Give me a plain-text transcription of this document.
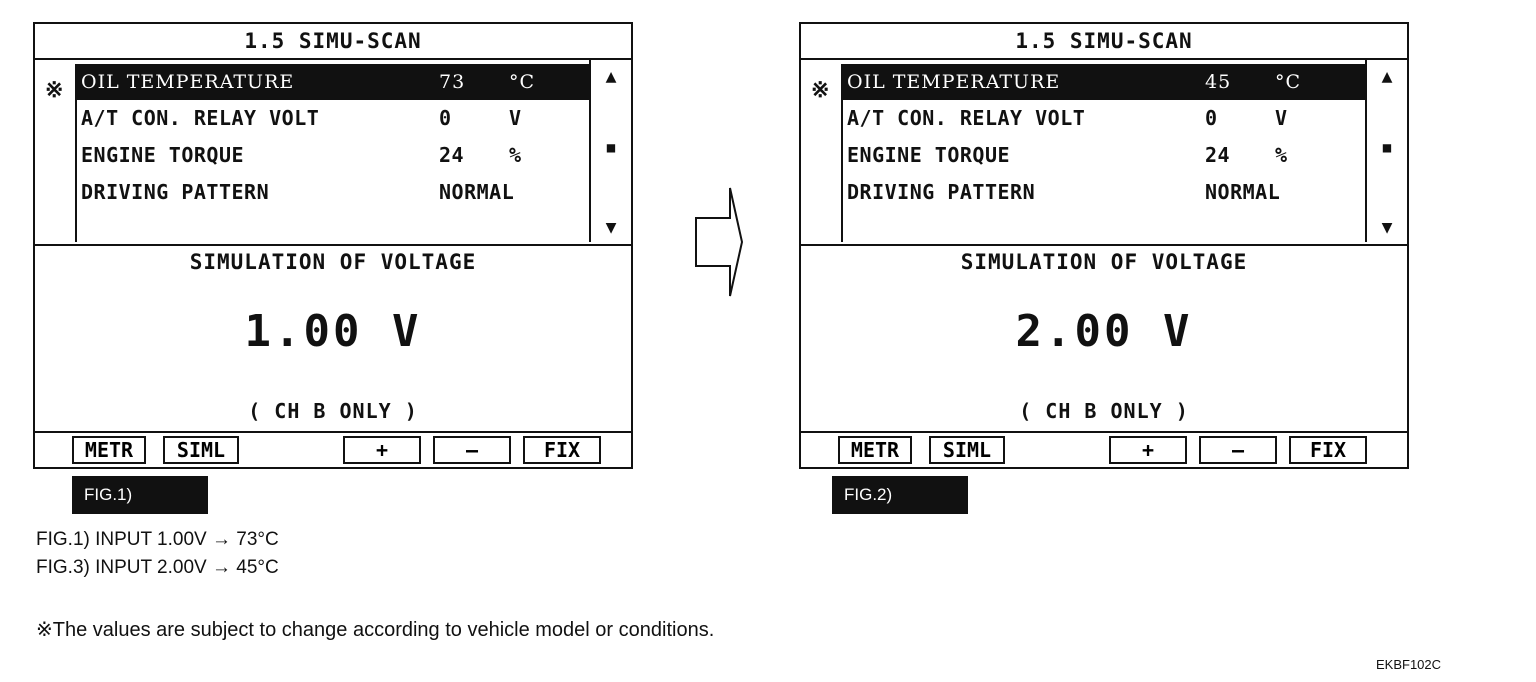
1.5 SIMU-SCAN
※ OIL TEMPERATURE	73 °C
A/T CON. RELAY VOLT	0	V
ENGINE TORQUE	24 %
DRIVING PATTERN	NORMAL
▲
■
▼
SIMULATION OF VOLTAGE
1.00 V
( CH B ONLY )
METR	SIML	+	—	FIX
FIG.1)
1.5 SIMU-SCAN
※ OIL TEMPERATURE	45 °C
A/T CON. RELAY VOLT	0	V
ENGINE TORQUE	24 %
DRIVING PATTERN	NORMAL
▲
■
▼
SIMULATION OF VOLTAGE
2.00 V
( CH B ONLY )
METR	SIML	+	—	FIX
FIG.2)
FIG.1) INPUT 1.00V → 73°C
FIG.3) INPUT 2.00V → 45°C
※The values are subject to change according to vehicle model or conditions.
EKBF102C
